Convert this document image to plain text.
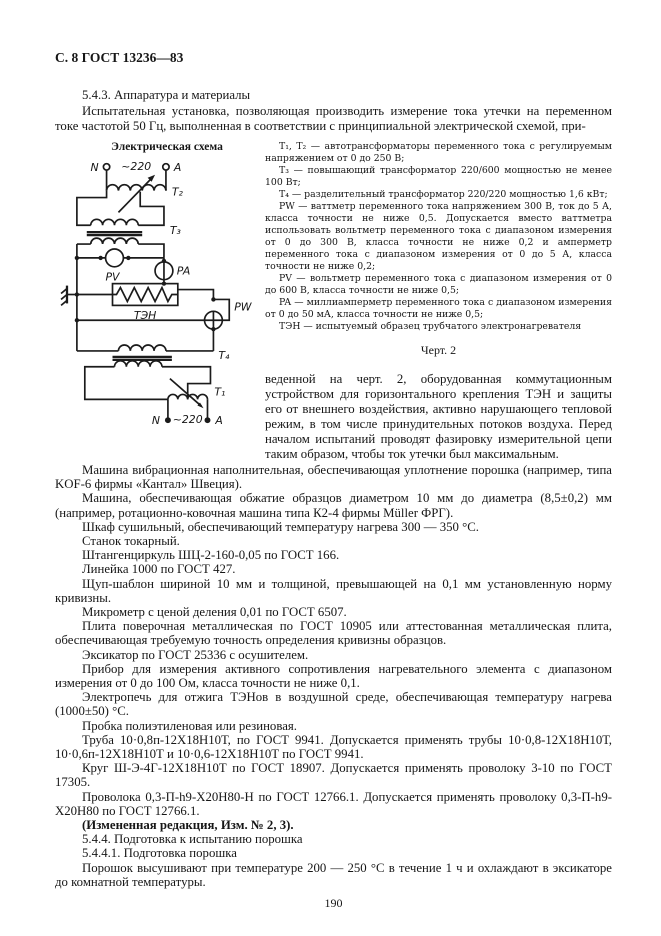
С. 8 ГОСТ 13236—83

5.4.3. Аппаратура и материалы

Испытательная установка, позволяющая производить измерение тока утечки на переменном токе частотой 50 Гц, выполненная в соответствии с принципиальной электрической схемой, при-

Электрическая схема

N ~220 A
Т₂
Т₃
PV	PA
ТЭН
PW
Т₄
Т₁
N ~220 A

Т₁, Т₂ — автотрансформаторы переменного тока с регулируемым напряжением от 0 до 250 В;

Т₃ — повышающий трансформатор 220/600 мощностью не менее 100 Вт;

Т₄ — разделительный трансформатор 220/220 мощностью 1,6 кВт;

PW — ваттметр переменного тока напряжением 300 В, ток до 5 А, класса точности не ниже 0,5. Допускается вместо ваттметра использовать вольтметр переменного тока с диапазоном измерения от 0 до 300 В, класса точности не ниже 0,2 и амперметр переменного тока с диапазоном измерения от 0 до 5 А, класса точности не ниже 0,2;

PV — вольтметр переменного тока с диапазоном измерения от 0 до 600 В, класса точности не ниже 0,5;

PA — миллиамперметр переменного тока с диапазоном измерения от 0 до 50 мА, класса точности не ниже 0,5;

ТЭН — испытуемый образец трубчатого электронагревателя

Черт. 2

веденной на черт. 2, оборудованная коммутационным устройством для горизонтального крепления ТЭН и защиты его от внешнего воздействия, активно нарушающего тепловой режим, в том числе принудительных потоков воздуха. Перед началом испытаний проводят фазировку измерительной цепи таким образом, чтобы ток утечки был максимальным.

Машина вибрационная наполнительная, обеспечивающая уплотнение порошка (например, типа KOF-6 фирмы «Кантал» Швеция).

Машина, обеспечивающая обжатие образцов диаметром 10 мм до диаметра (8,5±0,2) мм (например, ротационно-ковочная машина типа К2-4 фирмы Мüller ФРГ).

Шкаф сушильный, обеспечивающий температуру нагрева 300 — 350 °С.

Станок токарный.

Штангенциркуль ШЦ-2-160-0,05 по ГОСТ 166.

Линейка 1000 по ГОСТ 427.

Щуп-шаблон шириной 10 мм и толщиной, превышающей на 0,1 мм установленную норму кривизны.

Микрометр с ценой деления 0,01 по ГОСТ 6507.

Плита поверочная металлическая по ГОСТ 10905 или аттестованная металлическая плита, обеспечивающая требуемую точность определения кривизны образцов.

Эксикатор по ГОСТ 25336 с осушителем.

Прибор для измерения активного сопротивления нагревательного элемента с диапазоном измерения от 0 до 100 Ом, класса точности не ниже 0,1.

Электропечь для отжига ТЭНов в воздушной среде, обеспечивающая температуру нагрева (1000±50) °С.

Пробка полиэтиленовая или резиновая.

Труба 10·0,8п-12Х18Н10Т, по ГОСТ 9941. Допускается применять трубы 10·0,8-12Х18Н10Т, 10·0,6п-12Х18Н10Т и 10·0,6-12Х18Н10Т по ГОСТ 9941.

Круг Ш-Э-4Г-12Х18Н10Т по ГОСТ 18907. Допускается применять проволоку 3-10 по ГОСТ 17305.

Проволока 0,3-П-h9-Х20Н80-Н по ГОСТ 12766.1. Допускается применять проволоку 0,3-П-h9-Х20Н80 по ГОСТ 12766.1.

(Измененная редакция, Изм. № 2, 3).

5.4.4. Подготовка к испытанию порошка

5.4.4.1. Подготовка порошка

Порошок высушивают при температуре 200 — 250 °С в течение 1 ч и охлаждают в эксикаторе до комнатной температуры.

190
